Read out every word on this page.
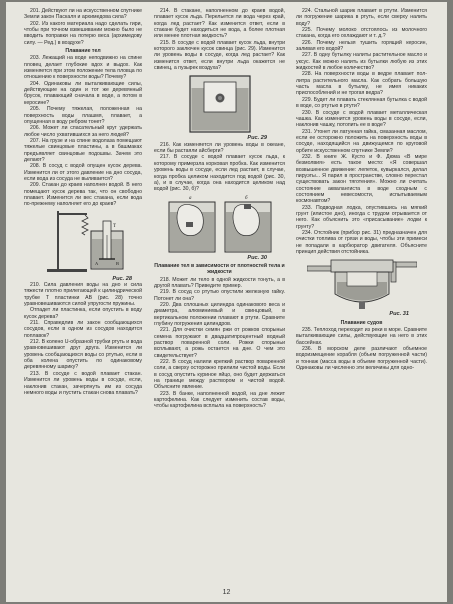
201. Действуют ли на искусственном спутнике Земли закон Паскаля и архимедова сила?

202. Из какого материала надо сделать гири, чтобы при точном взвешивании можно было не вводить поправки на потерю веса (архимедову силу. — Ред.) в воздухе?

Плавание тел

203. Лежащий на воде неподвижно на спине пловец делает глубокие вдох и выдох. Как изменяется при этом положение тела пловца по отношению к поверхности воды? Почему?

204. Одинаковы ли выталкивающие силы, действующие на один и тот же деревянный брусок, плавающий сначала в воде, а потом в керосине?

205. Почему тяжелая, положенная на поверхность воды плашмя, плавает, а опущенная в воду ребром тонет?

206. Может ли спасательный круг удержать любое число ухватившихся за него людей?

207. На грузе и на спине водолаза помещают тяжелые свинцовые пластины, а в башмаках предъявляет свинцовые подошвы. Зачем это делают?

208. В сосуд с водой опущен кусок дерева. Изменится ли от этого давление на дно сосуда, если вода из сосуда не выливается?

209. Стакан до краев наполнен водой. В него помещают кусок дерева так, что он свободно плавает. Изменится ли вес стакана, если вода по-прежнему наполняет его до краев?

T
A	B
Рис. 28

210. Сила давления воды на дно и сила тяжести плотно прилегающей к цилиндрической трубке Т пластинки АВ (рис. 28) точно уравновешиваются силой упругости пружины.

Отпадет ли пластинка, если опустить в воду кусок дерева?

211. Справедлив ли закон сообщающихся сосудов, если в одном из сосудов находится поплавок?

212. В колено U-образной трубки ртуть и вода уравновешивают друг друга. Изменится ли уровень сообщающихся воды со ртутью, если в оба колена опустить по одинаковому деревянному шарику?

213. В сосуде с водой плавает стакан. Изменится ли уровень воды в сосуде, если, наклонив стакан, зачерпнуть им из сосуда немного воды и пустить стакан снова плавать?

214. В стакане, наполненном до краев водой, плавает кусок льда. Перельется ли вода через край, когда лед растает? Как изменится ответ, если в стакане будет находиться не вода, а более плотная или менее плотная жидкость?

215. В сосуде с водой плавает кусок льда, внутри которого заключен кусок свинца (рис. 29). Изменится ли уровень воды в сосуде, когда лед растает? Как изменится ответ, если внутри льда окажется не свинец, а пузырек воздуха?

Рис. 29

216. Как изменяется ли уровень воды в океане, если бы растаяли айсберги?

217. В сосуде с водой плавает кусок льда, к которому примерзла корковая пробка. Как изменится уровень воды в сосуде, если лед растает, в случае, когда пробка целиком находится под водой (рис. 30, а), и в случае, когда она находится целиком над водой (рис. 30, б)?

а	б
Рис. 30
Плавание тел в зависимости от плотностей тела и жидкости

218. Может ли тело в одной жидкости тонуть, а в другой плавать? Приведите пример.

219. В сосуд со ртутью опустили железную гайку. Потонет ли она?

220. Два сплошных цилиндра одинакового веса и диаметра, алюминиевый и свинцовый, в вертикальном положении плавают в ртути. Сравните глубину погружения цилиндров.

221. Для очистки семян ржи от рожков спорыньи семена погружают в двадцатипроцентный водный раствор поваренной соли. Рожки спорыньи всплывают, а рожь остается на дне. О чем это свидетельствует?

222. В сосуд налили крепкий раствор поваренной соли, а сверху осторожно прилили чистой воды. Если в сосуд опустить куриное яйцо, оно будет держаться на границе между раствором и чистой водой. Объясните явление.

223. В банке, наполненной водой, на дне лежит картофелина. Как следует изменить состав воды, чтобы картофелина всплыла на поверхность?

224. Стальной шарик плавает в ртути. Изменится ли погружение шарика в ртуть, если сверху налить воду?

225. Почему молоко отстоялось из молочного стакана, когда его охлаждают и т. д.?

226. Почему нельзя тушить горящий керосин, заливая его водой?

227. В одну бутылку налиты растительное масло и уксус. Как можно налить из бутылки любую из этих жидкостей в любое количество?

228. На поверхности воды в ведре плавает пол-литра растительного масла. Как собрать большую часть масла в бутылку, не имея никаких приспособлений и не трогая ведра?

229. Будет ли плавать стеклянная бутылка с водой в воде, со ртутью в ртути?

230. В сосуде с водой плавает металлическая чашка. Как изменится уровень воды в сосуде, если, наклонив чашку, потопить ее в воде?

231. Утонет ли латунная гайка, смазанная маслом, если ее осторожно положить на поверхность воды в сосуде, находящийся на движущемся по круговой орбите искусственном спутнике Земли?

232. В книге Ж. Кусто и Ф. Дюма «В мире безмолвия» есть такое место: «Я совершал возвышенное движение: лепеток, кувыркался, делал пируэты... Я парил в пространстве, словно перестал существовать закон тяготения». Можно ли считать состояние аквалангиста в воде сходным с состоянием невесомости, испытываемым космонавтом?

233. Подводная лодка, опустившись на мягкий грунт (илистое дно), иногда с трудом отрывается от него. Как объяснить это «присасывание» лодки к грунту?

234. Отстойник (прибор рис. 31) предназначен для очистки топлива от грязи и воды, чтобы эти примеси не попадали в карбюратор двигателя. Объясните принцип действия отстойника.

Рис. 31
Плавание судов

235. Теплоход переходит из реки в море. Сравните выталкивающие силы, действующие на него в этих бассейнах.

236. В морском деле различают объемное водоизмещение корабля (объем погруженной части) и тоннаж (масса воды в объеме погруженной части). Одинаковы ли численно эти величины для одно-

12
